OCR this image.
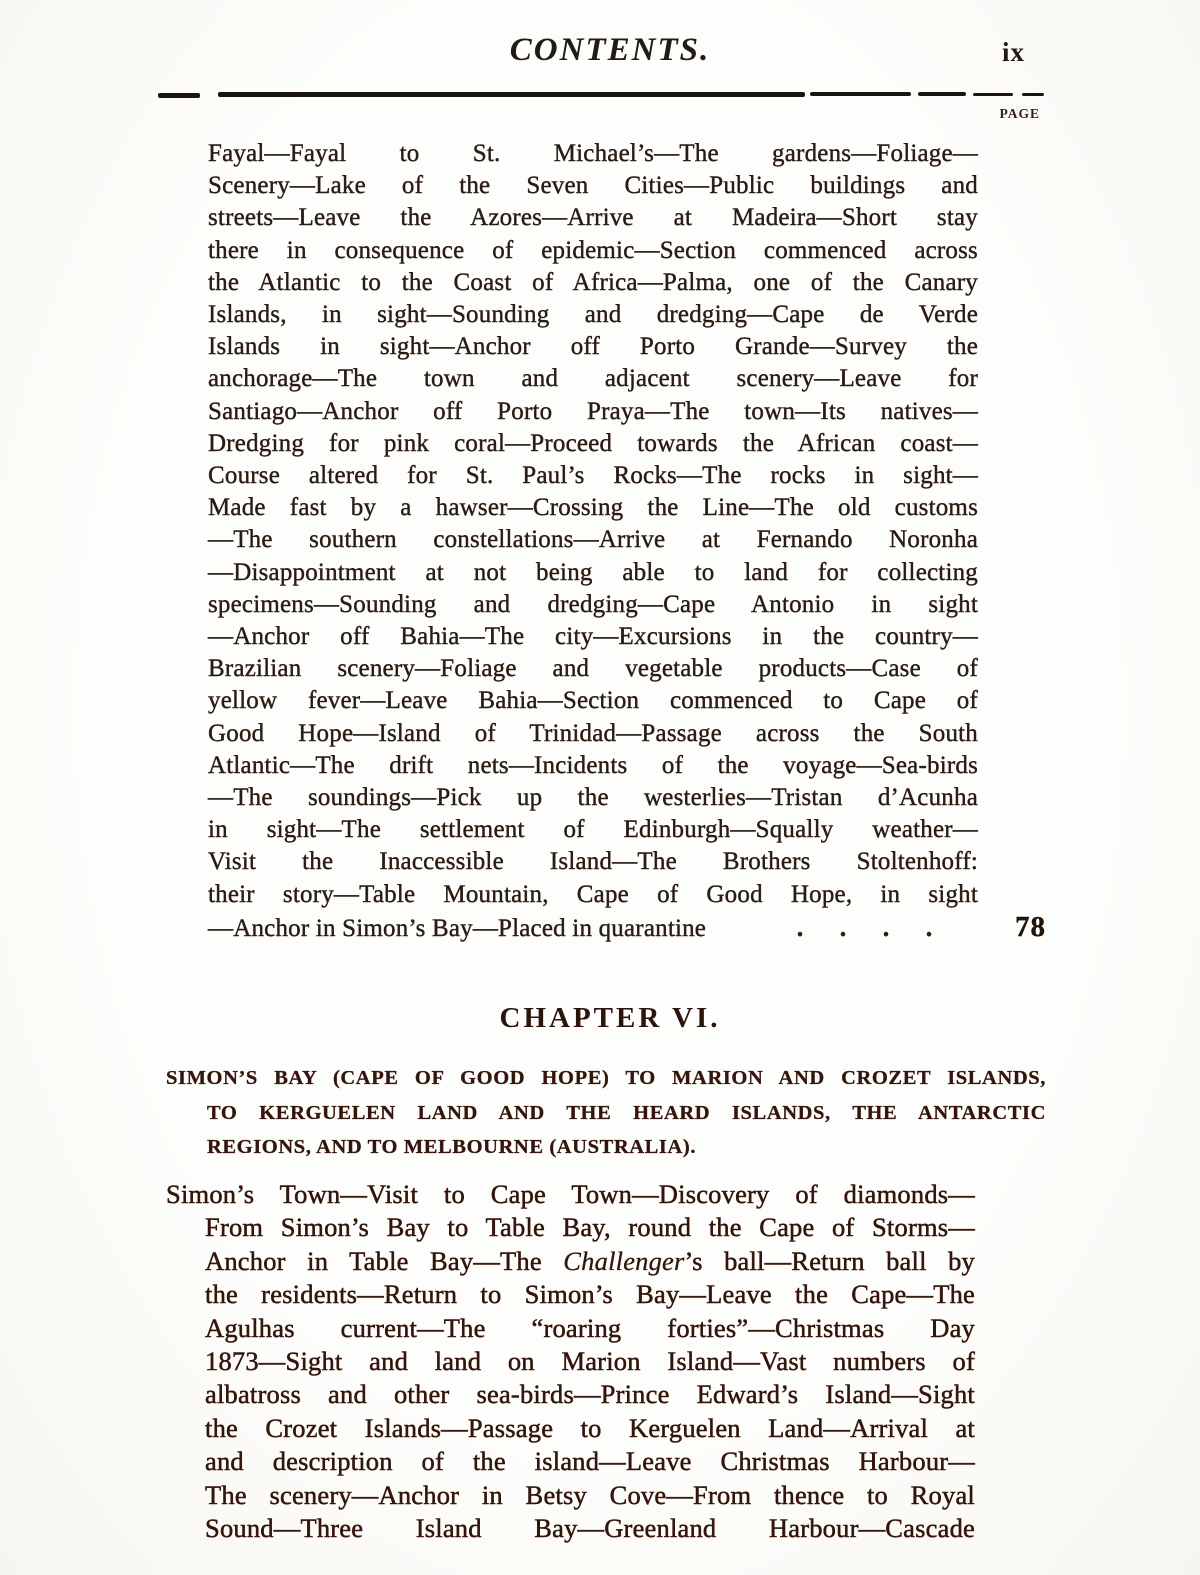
CONTENTS.	ix
PAGE
Fayal—Fayal to St. Michael’s—The gardens—Foliage—
Scenery—Lake of the Seven Cities—Public buildings and
streets—Leave the Azores—Arrive at Madeira—Short stay
there in consequence of epidemic—Section commenced across
the Atlantic to the Coast of Africa—Palma, one of the Canary
Islands, in sight—Sounding and dredging—Cape de Verde
Islands in sight—Anchor off Porto Grande—Survey the
anchorage—The town and adjacent scenery—Leave for
Santiago—Anchor off Porto Praya—The town—Its natives—
Dredging for pink coral—Proceed towards the African coast—
Course altered for St. Paul’s Rocks—The rocks in sight—
Made fast by a hawser—Crossing the Line—The old customs
—The southern constellations—Arrive at Fernando Noronha
—Disappointment at not being able to land for collecting
specimens—Sounding and dredging—Cape Antonio in sight
—Anchor off Bahia—The city—Excursions in the country—
Brazilian scenery—Foliage and vegetable products—Case of
yellow fever—Leave Bahia—Section commenced to Cape of
Good Hope—Island of Trinidad—Passage across the South
Atlantic—The drift nets—Incidents of the voyage—Sea-birds
—The soundings—Pick up the westerlies—Tristan d’Acunha
in sight—The settlement of Edinburgh—Squally weather—
Visit the Inaccessible Island—The Brothers Stoltenhoff:
their story—Table Mountain, Cape of Good Hope, in sight
—Anchor in Simon’s Bay—Placed in quarantine	. . . .	78
CHAPTER VI.
SIMON’S BAY (CAPE OF GOOD HOPE) TO MARION AND CROZET ISLANDS,
TO KERGUELEN LAND AND THE HEARD ISLANDS, THE ANTARCTIC
REGIONS, AND TO MELBOURNE (AUSTRALIA).
Simon’s Town—Visit to Cape Town—Discovery of diamonds—
From Simon’s Bay to Table Bay, round the Cape of Storms—
Anchor in Table Bay—The Challenger’s ball—Return ball by
the residents—Return to Simon’s Bay—Leave the Cape—The
Agulhas current—The “roaring forties”—Christmas Day
1873—Sight and land on Marion Island—Vast numbers of
albatross and other sea-birds—Prince Edward’s Island—Sight
the Crozet Islands—Passage to Kerguelen Land—Arrival at
and description of the island—Leave Christmas Harbour—
The scenery—Anchor in Betsy Cove—From thence to Royal
Sound—Three Island Bay—Greenland Harbour—Cascade
